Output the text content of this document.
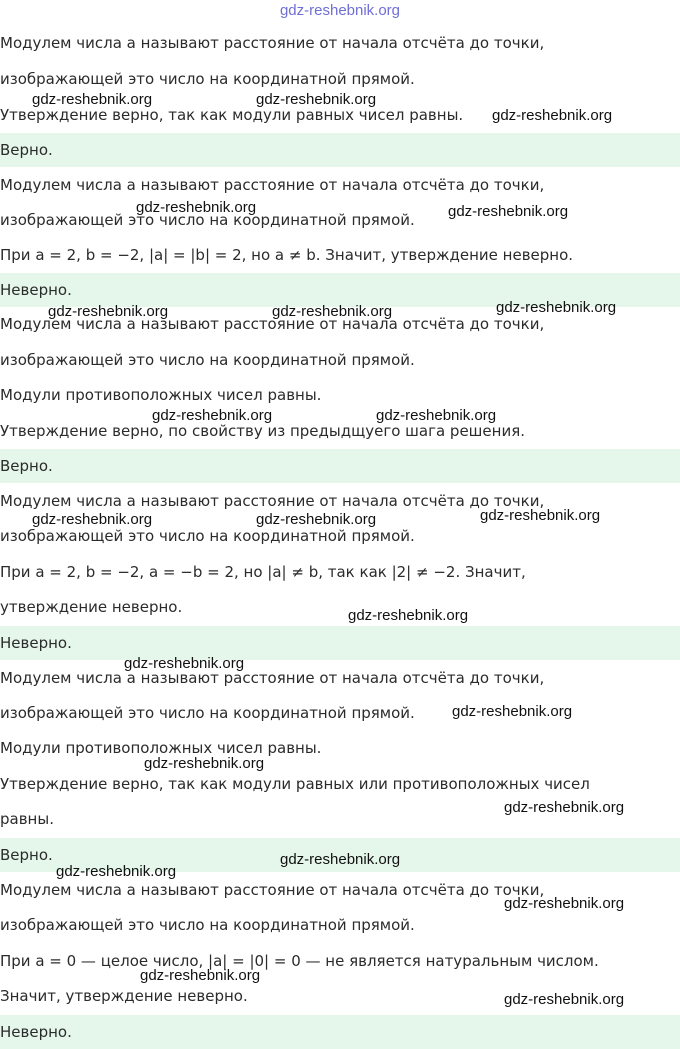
gdz-reshebnik.org
Модулем числа a называют расстояние от начала отсчёта до точки,
изображающей это число на координатной прямой.
Утверждение верно, так как модули равных чисел равны.
Верно.
Модулем числа a называют расстояние от начала отсчёта до точки,
изображающей это число на координатной прямой.
При a = 2, b = −2, |a| = |b| = 2, но a ≠ b. Значит, утверждение неверно.
Неверно.
Модулем числа a называют расстояние от начала отсчёта до точки,
изображающей это число на координатной прямой.
Модули противоположных чисел равны.
Утверждение верно, по свойству из предыдщуего шага решения.
Верно.
Модулем числа a называют расстояние от начала отсчёта до точки,
изображающей это число на координатной прямой.
При a = 2, b = −2, a = −b = 2, но |a| ≠ b, так как |2| ≠ −2. Значит,
утверждение неверно.
Неверно.
Модулем числа a называют расстояние от начала отсчёта до точки,
изображающей это число на координатной прямой.
Модули противоположных чисел равны.
Утверждение верно, так как модули равных или противоположных чисел
равны.
Верно.
Модулем числа a называют расстояние от начала отсчёта до точки,
изображающей это число на координатной прямой.
При a = 0 — целое число, |a| = |0| = 0 — не является натуральным числом.
Значит, утверждение неверно.
Неверно.
gdz-reshebnik.org	gdz-reshebnik.org
gdz-reshebnik.org
gdz-reshebnik.org	gdz-reshebnik.org
gdz-reshebnik.org	gdz-reshebnik.org	gdz-reshebnik.org
gdz-reshebnik.org	gdz-reshebnik.org
gdz-reshebnik.org	gdz-reshebnik.org	gdz-reshebnik.org
gdz-reshebnik.org
gdz-reshebnik.org
gdz-reshebnik.org
gdz-reshebnik.org
gdz-reshebnik.org
gdz-reshebnik.org
gdz-reshebnik.org
gdz-reshebnik.org
gdz-reshebnik.org
gdz-reshebnik.org
